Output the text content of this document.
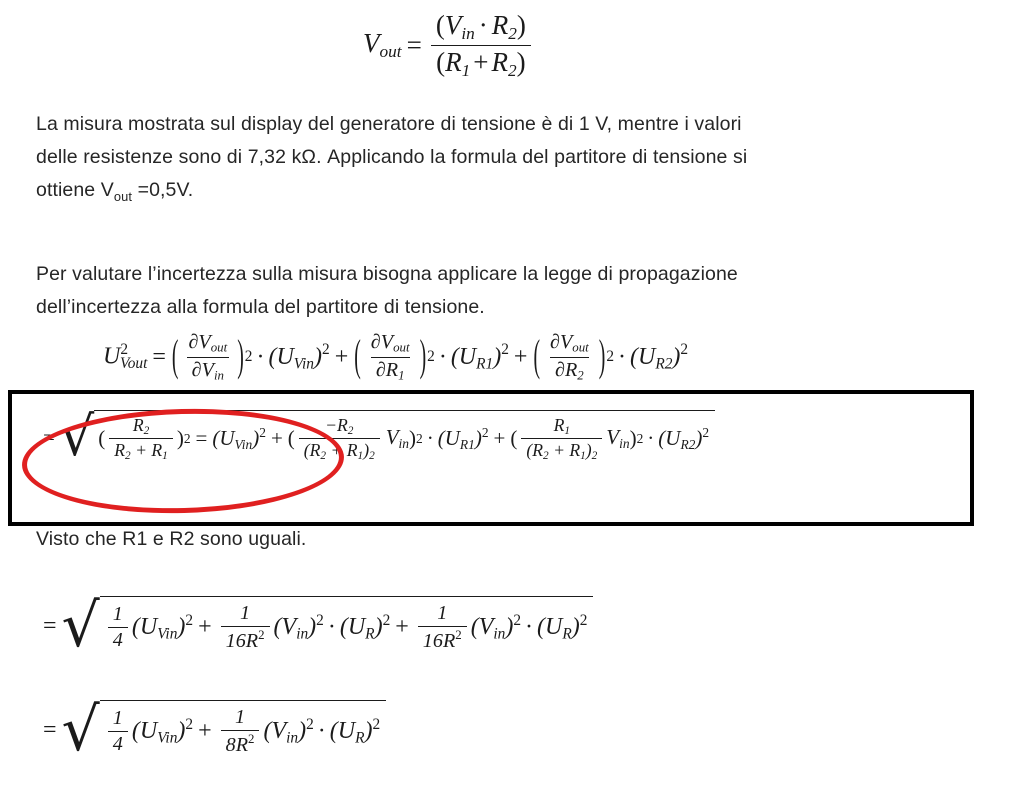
$V_{out} = \frac{(V_{in} \cdot R_2)}{(R_1 + R_2)}$
La misura mostrata sul display del generatore di tensione è di 1 V, mentre i valori
delle resistenze sono di 7,32 kΩ. Applicando la formula del partitore di tensione si
ottiene $V_{out} =0,5V$.
Per valutare l’incertezza sulla misura bisogna applicare la legge di propagazione
dell’incertezza alla formula del partitore di tensione.
$U^2_{Vout}$ = ( $\frac{\partial V_{out}}{\partial V_{in}}$ ) $2 \cdot (U_{Vin})^2$ + ( $\frac{\partial V_{out}}{\partial R_1}$ ) $2 \cdot (U_{R1})^2$ + ( $\frac{\partial V_{out}}{\partial R_2}$ ) $2 \cdot (U_{R2})^2$
= √ ( $\frac{R_2}{R_2 + R_1}$ ) $2 = (U_{Vin})^2$ + ( $\frac{-R_2}{(R_2 + R_1)_2} V_{in}$ ) $2 \cdot (U_{R1})^2$ + ( $\frac{R_1}{(R_2 + R_1)_2} V_{in}$ ) $2 \cdot (U_{R2})^2$
Visto che R1 e R2 sono uguali.
= √ $\frac{1}{4} (U_{Vin})^2 + \frac{1}{16R^2} (V_{in})^2 \cdot (U_R)^2 + \frac{1}{16R^2} (V_{in})^2 \cdot (U_R)^2$
= √ $\frac{1}{4} (U_{Vin})^2 + \frac{1}{8R^2} (V_{in})^2 \cdot (U_R)^2$
